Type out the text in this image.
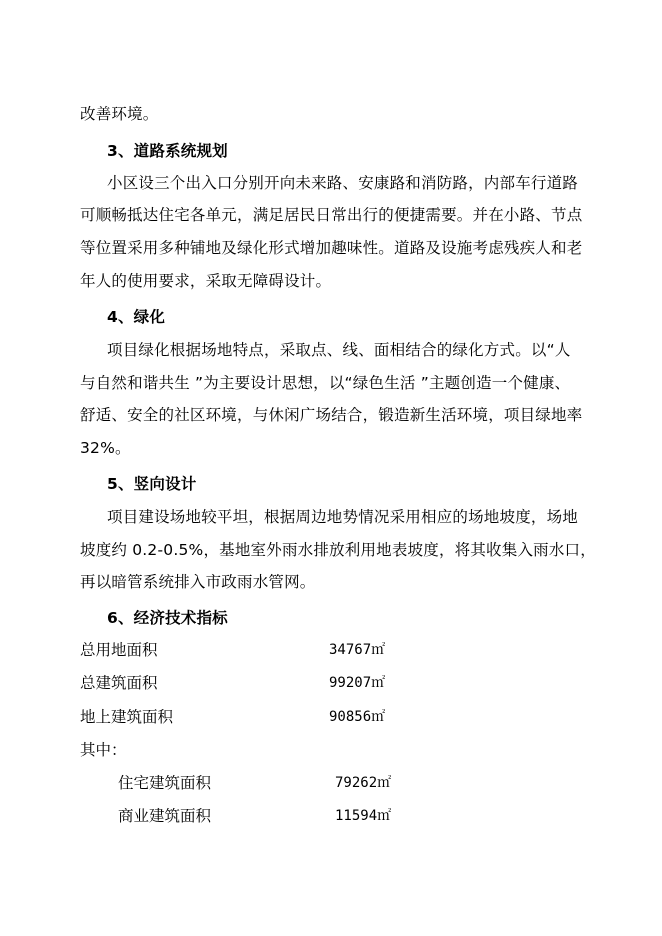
改善环境。
3、道路系统规划
小区设三个出入口分别开向未来路、安康路和消防路，内部车行道路
可顺畅抵达住宅各单元，满足居民日常出行的便捷需要。并在小路、节点
等位置采用多种铺地及绿化形式增加趣味性。道路及设施考虑残疾人和老
年人的使用要求，采取无障碍设计。
4、绿化
项目绿化根据场地特点，采取点、线、面相结合的绿化方式。以“人
与自然和谐共生 ”为主要设计思想，以“绿色生活 ”主题创造一个健康、
舒适、安全的社区环境，与休闲广场结合，锻造新生活环境，项目绿地率
32%。
5、竖向设计
项目建设场地较平坦，根据周边地势情况采用相应的场地坡度，场地
坡度约 0.2-0.5%，基地室外雨水排放利用地表坡度，将其收集入雨水口，
再以暗管系统排入市政雨水管网。
6、经济技术指标
总用地面积	34767㎡
总建筑面积	99207㎡
地上建筑面积	90856㎡
其中：
住宅建筑面积	79262㎡
商业建筑面积	11594㎡
